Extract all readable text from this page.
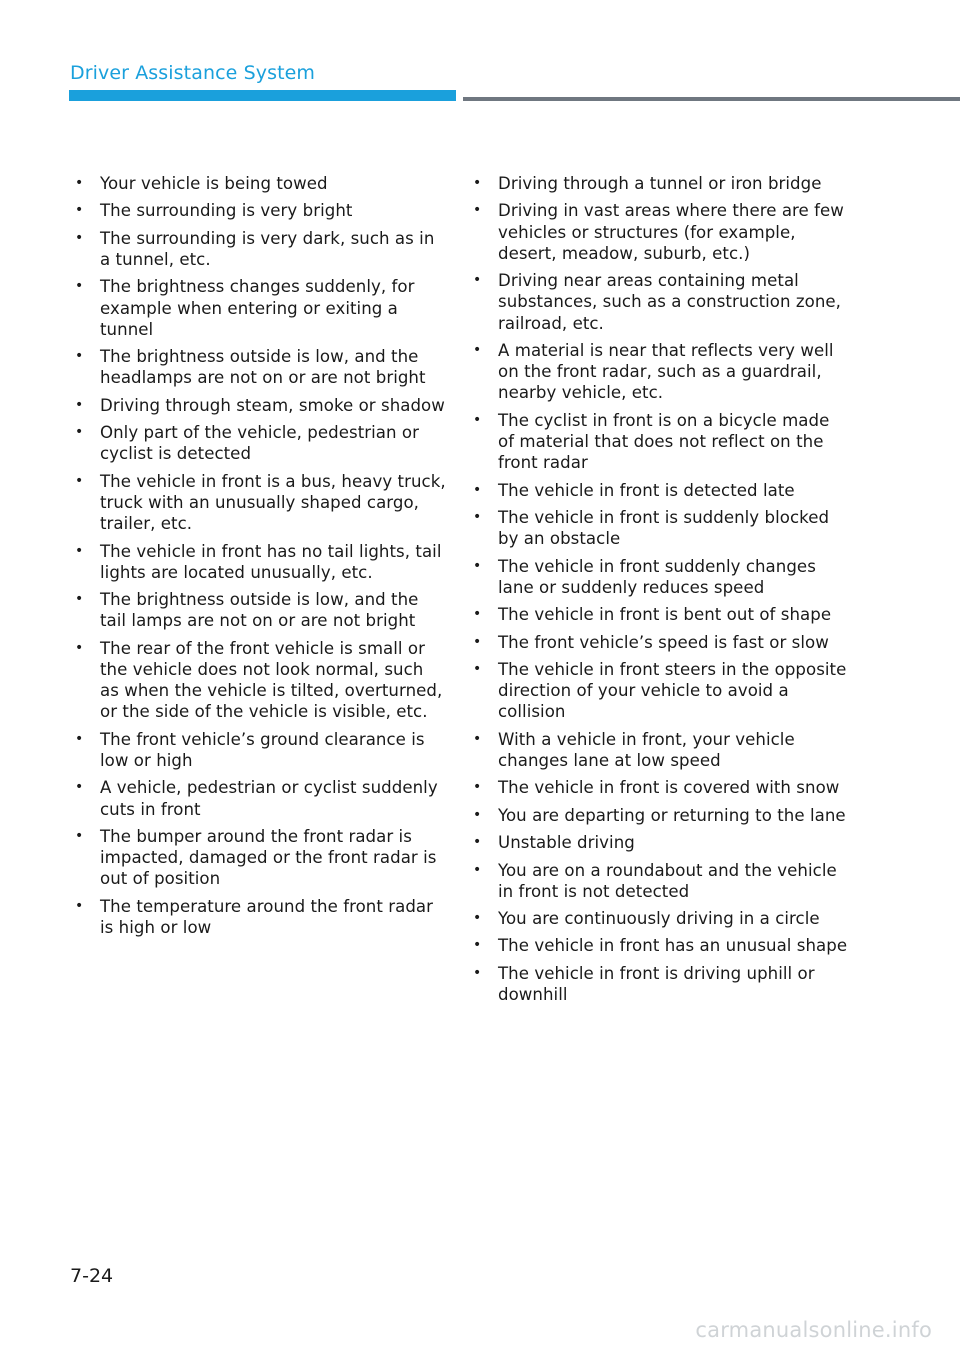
Driver Assistance System
•	Your vehicle is being towed
•	The surrounding is very bright
•	The surrounding is very dark, such as in a tunnel, etc.
•	The brightness changes suddenly, for example when entering or exiting a tunnel
•	The brightness outside is low, and the headlamps are not on or are not bright
•	Driving through steam, smoke or shadow
•	Only part of the vehicle, pedestrian or cyclist is detected
•	The vehicle in front is a bus, heavy truck, truck with an unusually shaped cargo, trailer, etc.
•	The vehicle in front has no tail lights, tail lights are located unusually, etc.
•	The brightness outside is low, and the tail lamps are not on or are not bright
•	The rear of the front vehicle is small or the vehicle does not look normal, such as when the vehicle is tilted, overturned, or the side of the vehicle is visible, etc.
•	The front vehicle’s ground clearance is low or high
•	A vehicle, pedestrian or cyclist suddenly cuts in front
•	The bumper around the front radar is impacted, damaged or the front radar is out of position
•	The temperature around the front radar is high or low
•	Driving through a tunnel or iron bridge
•	Driving in vast areas where there are few vehicles or structures (for example, desert, meadow, suburb, etc.)
•	Driving near areas containing metal substances, such as a construction zone, railroad, etc.
•	A material is near that reflects very well on the front radar, such as a guardrail, nearby vehicle, etc.
•	The cyclist in front is on a bicycle made of material that does not reflect on the front radar
•	The vehicle in front is detected late
•	The vehicle in front is suddenly blocked by an obstacle
•	The vehicle in front suddenly changes lane or suddenly reduces speed
•	The vehicle in front is bent out of shape
•	The front vehicle’s speed is fast or slow
•	The vehicle in front steers in the opposite direction of your vehicle to avoid a collision
•	With a vehicle in front, your vehicle changes lane at low speed
•	The vehicle in front is covered with snow
•	You are departing or returning to the lane
•	Unstable driving
•	You are on a roundabout and the vehicle in front is not detected
•	You are continuously driving in a circle
•	The vehicle in front has an unusual shape
•	The vehicle in front is driving uphill or downhill
7-24
carmanualsonline.info
